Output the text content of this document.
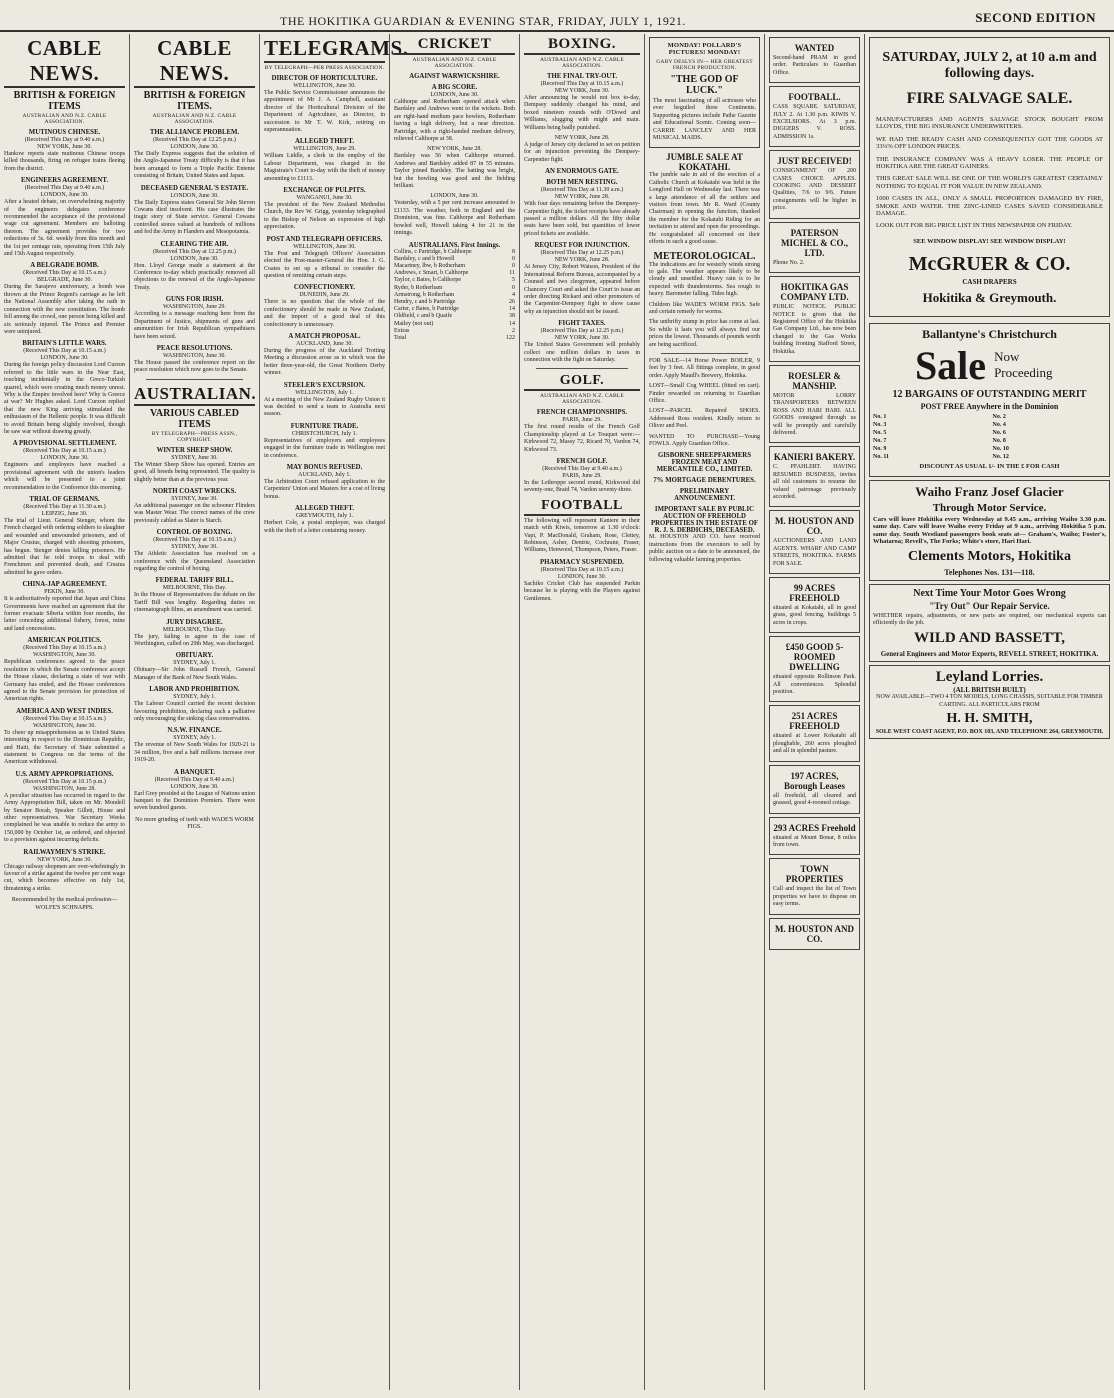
THE HOKITIKA GUARDIAN & EVENING STAR, FRIDAY, JULY 1, 1921.	SECOND EDITION
CABLE NEWS.
BRITISH & FOREIGN ITEMS
AUSTRALIAN AND N.Z. CABLE ASSOCIATION.
MUTINOUS CHINESE.
(Received This Day at 9.40 a.m.)
NEW YORK, June 30.
Hankow reports state mutinous Chinese troops killed thousands, firing on refugee trains fleeing from the district.
ENGINEERS AGREEMENT.
(Received This Day at 9.40 a.m.)
LONDON, June 30.
After a heated debate, on overwhelming majority of the engineers delegates conference recommended the acceptance of the provisional wage cut agreement. Members are balloting thereon. The agreement provides for two reductions of 3s. 6d. weekly from this month and the 1st per centage rate, operating from 15th July and 15th August respectively.
A BELGRADE BOMB.
(Received This Day at 10.15 a.m.)
BELGRADE, June 30.
During the Sarajevo anniversary, a bomb was thrown at the Prince Regent's carriage as he left the National Assembly after taking the oath in connection with the new constitution. The bomb fell among the crowd, one person being killed and six seriously injured. The Prince and Premier were uninjured.
BRITAIN'S LITTLE WARS.
(Received This Day at 10.15 a.m.)
LONDON, June 30.
During the foreign policy discussion Lord Curzon referred to the little wars in the Near East, touching incidentally in the Greco-Turkish quarrel, which were creating much money unrest. Why is the Empire involved here? Why is Greece at war? Mr Hughes asked. Lord Curzon replied that the new King arriving stimulated the enthusiasm of the Hellenic people. It was difficult to avoid Britain being slightly involved, though he saw war without drawing greatly.
A PROVISIONAL SETTLEMENT.
(Received This Day at 10.15 a.m.)
LONDON, June 30.
Engineers and employers have reached a provisional agreement with the union's leaders which will be presented to a joint recommendation to the Conference this morning.
TRIAL OF GERMANS.
(Received This Day at 11.30 a.m.)
LEIPZIG, June 30.
The trial of Lieut. General Stenger, whom the French charged with ordering soldiers to slaughter and wounded and unwounded prisoners, and of Major Crusius, charged with shooting prisoners, has begun. Stenger denies killing prisoners. He admitted that he told troops to deal with Frenchmen and prevented death, and Crusius admitted he gave orders.
CHINA-JAP AGREEMENT.
PEKIN, June 30.
It is authoritatively reported that Japan and China Governments have reached an agreement that the former evacuate Siberia within four months, the latter conceding additional fishery, forest, mine and land concessions.
AMERICAN POLITICS.
(Received This Day at 10.15 a.m.)
WASHINGTON, June 30.
Republican conferences agreed to the peace resolution in which the Senate conference accept the House clause, declaring a state of war with Germany has ended, and the House conferences agreed to the Senate provision for protection of American rights.
AMERICA AND WEST INDIES.
(Received This Day at 10.15 a.m.)
WASHINGTON, June 30.
To cheer up misapprehension as to United States interesting in respect to the Dominican Republic, and Haiti, the Secretary of State submitted a statement to Congress on the terms of the American withdrawal.
U.S. ARMY APPROPRIATIONS.
(Received This Day at 10.15 p.m.)
WASHINGTON, June 28.
A peculiar situation has occurred in regard to the Army Appropriation Bill, taken on Mr. Mondell by Senator Borah, Speaker Gillett, House and other representatives. War Secretary Weeks complained he was unable to reduce the army to 150,000 by October 1st, as ordered, and objected to a provision against incurring deficits.
RAILWAYMEN'S STRIKE.
NEW YORK, June 30.
Chicago railway shopmen are over-whelmingly in favour of a strike against the twelve per cent wage cut, which becomes effective on July 1st, threatening a strike.
Recommended by the medical profession—WOLFE'S SCHNAPPS.
CABLE NEWS.
BRITISH & FOREIGN ITEMS.
AUSTRALIAN AND N.Z. CABLE ASSOCIATION.
THE ALLIANCE PROBLEM.
(Received This Day at 12.25 p.m.)
LONDON, June 30.
The Daily Express suggests that the solution of the Anglo-Japanese Treaty difficulty is that it has been arranged to form a Triple Pacific Entente consisting of Britain, United States and Japan.
DECEASED GENERAL'S ESTATE.
LONDON, June 30.
The Daily Express states General Sir John Steven Cowans died insolvent. His case illustrates the tragic story of State service. General Cowans controlled stores valued at hundreds of millions and fed the Army in Flanders and Mesopotamia.
CLEARING THE AIR.
(Received This Day at 12.25 p.m.)
LONDON, June 30.
Hon. Lloyd George made a statement at the Conference to-day which practically removed all objections to the renewal of the Anglo-Japanese Treaty.
GUNS FOR IRISH.
WASHINGTON, June 29.
According to a message reaching here from the Department of Justice, shipments of guns and ammunition for Irish Republican sympathisers have been seized.
PEACE RESOLUTIONS.
WASHINGTON, June 30.
The House passed the conference report on the peace resolution which now goes to the Senate.
AUSTRALIAN.
VARIOUS CABLED ITEMS
BY TELEGRAPH—PRESS ASSN., COPYRIGHT.
WINTER SHEEP SHOW.
SYDNEY, June 30.
The Winter Sheep Show has opened. Entries are good, all breeds being represented. The quality is slightly better than at the previous year.
NORTH COAST WRECKS.
SYDNEY, June 30.
An additional passenger on the schooner Flinders was Master Wear. The correct names of the crew previously cabled as Slater is Starch.
CONTROL OF BOXING.
(Received This Day at 10.15 a.m.)
SYDNEY, June 30.
The Athletic Association has resolved on a conference with the Queensland Association regarding the control of boxing.
FEDERAL TARIFF BILL.
MELBOURNE, This Day.
In the House of Representatives the debate on the Tariff Bill was lengthy. Regarding duties on cinematograph films, an amendment was carried.
JURY DISAGREE.
MELBOURNE, This Day.
The jury, failing to agree in the case of Worthington, called on 29th May, was discharged.
OBITUARY.
SYDNEY, July 1.
Obituary—Sir John Russell French, General Manager of the Bank of New South Wales.
LABOR AND PROHIBITION.
SYDNEY, July 1.
The Labour Council carried the recent decision favouring prohibition, declaring such a palliative only encouraging the sinking class conservation.
N.S.W. FINANCE.
SYDNEY, July 1.
The revenue of New South Wales for 1920-21 is 34 million, five and a half millions increase over 1919-20.
A BANQUET.
(Received This Day at 9.40 a.m.)
LONDON, June 30.
Earl Grey presided at the League of Nations union banquet to the Dominion Premiers. There were seven hundred guests.
No more grinding of teeth with WADE'S WORM FIGS.
TELEGRAMS.
BY TELEGRAPH—PER PRESS ASSOCIATION.
DIRECTOR OF HORTICULTURE.
WELLINGTON, June 30.
The Public Service Commissioner announces the appointment of Mr J. A. Campbell, assistant director of the Horticultural Division of the Department of Agriculture, as Director, in succession to Mr T. W. Kirk, retiring on superannuation.
ALLEGED THEFT.
WELLINGTON, June 29.
William Liddle, a clerk in the employ of the Labour Department, was charged in the Magistrate's Court to-day with the theft of money amounting to £1113.
EXCHANGE OF PULPITS.
WANGANUI, June 30.
The president of the New Zealand Methodist Church, the Rev W. Grigg, yesterday telegraphed to the Bishop of Nelson an expression of high appreciation.
POST AND TELEGRAPH OFFICERS.
WELLINGTON, June 30.
The Post and Telegraph Officers' Association elected the Post-master-General the Hon. J. G. Coates to set up a tribunal to consider the question of remitting certain steps.
CONFECTIONERY.
DUNEDIN, June 29.
There is no question that the whole of the confectionery should be made in New Zealand, and the import of a good deal of this confectionery is unnecessary.
A MATCH PROPOSAL.
AUCKLAND, June 30.
During the progress of the Auckland Trotting Meeting a discussion arose as to which was the better three-year-old, the Great Northern Derby winner.
STEELER'S EXCURSION.
WELLINGTON, July 1.
At a meeting of the New Zealand Rugby Union it was decided to send a team to Australia next season.
FURNITURE TRADE.
CHRISTCHURCH, July 1.
Representatives of employers and employees engaged in the furniture trade in Wellington met in conference.
MAY BONUS REFUSED.
AUCKLAND, July 1.
The Arbitration Court refused application to the Carpenters' Union and Masters for a cost of living bonus.
ALLEGED THEFT.
GREYMOUTH, July 1.
Herbert Cole, a postal employee, was charged with the theft of a letter containing money.
CRICKET
AUSTRALIAN AND N.Z. CABLE ASSOCIATION.
AGAINST WARWICKSHIRE.
A BIG SCORE.
LONDON, June 30.
Calthorpe and Rotherham opened attack when Bardsley and Andrews went to the wickets. Both are right-hand medium pace bowlers, Rotherham having a high delivery, but a near direction. Partridge, with a right-handed medium delivery, relieved Calthorpe at 38.
NEW YORK, June 28.
Bardsley was 56 when Calthorpe returned. Andrews and Bardsley added 87 in 55 minutes. Taylor joined Bardsley. The batting was bright, but the bowling was good and the fielding brilliant.
LONDON, June 30.
Yesterday, with a 5 per cent increase amounted to £1133. The weather, both in England and the Dominion, was fine. Calthorpe and Rotherham bowled well, Howell taking 4 for 21 in the innings.
AUSTRALIANS. First Innings.
Collins, c Partridge, b Calthorpe	8
Bardsley, c and b Howell	0
Macartney, lbw, b Rotherham	0
Andrews, c Smart, b Calthorpe	11
Taylor, c Bates, b Calthorpe	5
Ryder, b Rotherham	0
Armstrong, b Rotherham	4
Hendry, c and b Partridge	26
Carter, c Bates, b Partridge	14
Oldfield, c and b Quaife	38
Mailey (not out)	14
Extras	2
Total	122
BOXING.
AUSTRALIAN AND N.Z. CABLE ASSOCIATION.
THE FINAL TRY-OUT.
(Received This Day at 10.15 a.m.)
NEW YORK, June 30.
After announcing he would not box to-day, Dempsey suddenly changed his mind, and boxed nineteen rounds with O'Dowd and Williams, slugging with might and main. Williams being badly punished.
NEW YORK, June 28.
A judge of Jersey city declared to set on petition for an injunction preventing the Dempsey-Carpentier fight.
AN ENORMOUS GATE.
BOTH MEN RESTING.
(Received This Day at 11.30 a.m.)
NEW YORK, June 28.
With four days remaining before the Dempsey-Carpentier fight, the ticket receipts have already passed a million dollars. All the fifty dollar seats have been sold, but quantities of lower priced tickets are available.
REQUEST FOR INJUNCTION.
(Received This Day at 12.25 p.m.)
NEW YORK, June 28.
At Jersey City, Robert Watson, President of the International Reform Bureau, accompanied by a Counsel and two clergymen, appeared before Chancery Court and asked the Court to issue an order directing Rickard and other promoters of the Carpentier-Dempsey fight to show cause why an injunction should not be issued.
FIGHT TAXES.
(Received This Day at 12.25 p.m.)
NEW YORK, June 30.
The United States Government will probably collect one million dollars in taxes in connection with the fight on Saturday.
GOLF.
AUSTRALIAN AND N.Z. CABLE ASSOCIATION.
FRENCH CHAMPIONSHIPS.
PARIS, June 29.
The first round results of the French Golf Championship played at Le Touquet were:—Kirkwood 72, Massy 72, Ricard 70, Vardon 74, Kirkwood 73.
FRENCH GOLF.
(Received This Day at 9.40 a.m.)
PARIS, June 29.
In the Lethroppe second round, Kirkwood did seventy-one, Braid 74, Vardon seventy-three.
FOOTBALL
The following will represent Kaniere in their match with Kiwis, tomorrow at 1.30 o'clock: Vapi, P. MacDonald, Graham, Rose, Clettey, Robinson, Asher, Dentrie, Cochrane, Fraser, Williams, Henwood, Thompson, Peters, Fraser.
PHARMACY SUSPENDED.
(Received This Day at 10.15 a.m.)
LONDON, June 30.
Sachiko Cricket Club has suspended Parkin because he is playing with the Players against Gentlemen.
MONDAY! POLLARD'S PICTURES! MONDAY!
GABY DESLYS IN— HER GREATEST FRENCH PRODUCTION.
"THE GOD OF LUCK."
The most fascinating of all actresses who ever beguiled three Continents. Supporting pictures include Pathe Gazette and Educational Scenic. Coming soon—CARRIE LANCLEY AND HER MUSICAL MAIDS.
JUMBLE SALE AT KOKATAHI.
The jumble sale in aid of the erection of a Catholic Church at Kokatahi was held in the Longford Hall on Wednesday last. There was a large attendance of all the settlers and visitors from town. Mr R. Ward (County Chairman) in opening the function, thanked the member for the Kokatahi Riding for an invitation to attend and open the proceedings. He congratulated all concerned on their efforts in such a good cause.
METEOROLOGICAL.
The indications are for westerly winds strong to gale. The weather appears likely to be cloudy and unsettled. Heavy rain is to be expected with thunderstorms. Sea rough to heavy. Barometer falling. Tides high.
Children like WADE'S WORM FIGS. Safe and certain remedy for worms.
The unthrifty stump in price has come at last. So while it lasts you will always find our prices the lowest. Thousands of pounds worth are being sacrificed.
FOR SALE—14 Horse Power BOILER, 9 feet by 3 feet. All fittings complete, in good order. Apply Maudl's Brewery, Hokitika.
LOST—Small Cog WHEEL (fitted on cart). Finder rewarded on returning to Guardian Office.
LOST—PARCEL Repaired SHOES. Addressed Ross resident. Kindly return to Oliver and Peel.
WANTED TO PURCHASE—Young FOWLS. Apply Guardian Office.
GISBORNE SHEEPFARMERS FROZEN MEAT AND MERCANTILE CO., LIMITED.
7% MORTGAGE DEBENTURES.
PRELIMINARY ANNOUNCEMENT.
IMPORTANT SALE BY PUBLIC AUCTION OF FREEHOLD PROPERTIES IN THE ESTATE OF R. J. S. DEBDICHS, DECEASED.
M. HOUSTON AND CO. have received instructions from the executors to sell by public auction on a date to be announced, the following valuable farming properties.
WANTED
Second-hand PRAM in good order. Particulars to Guardian Office.
FOOTBALL.
CASS SQUARE. SATURDAY, JULY 2. At 1.30 p.m. KIWIS V. EXCELSIORS. At 3 p.m. DIGGERS V. ROSS. ADMISSION 1s.
JUST RECEIVED!
CONSIGNMENT OF 200 CASES CHOICE APPLES. COOKING AND DESSERT Qualities, 7/6 to 9/6. Future consignments will be higher in price.
PATERSON MICHEL & CO., LTD.
Phone No. 2.
HOKITIKA GAS COMPANY LTD.
PUBLIC NOTICE. PUBLIC NOTICE is given that the Registered Office of the Hokitika Gas Company Ltd., has now been changed to the Gas Works building fronting Stafford Street, Hokitika.
ROESLER & MANSHIP.
MOTOR LORRY TRANSPORTERS BETWEEN ROSS AND HARI HARI. ALL GOODS consigned through us will be promptly and carefully delivered.
KANIERI BAKERY.
C. PFAHLERT. HAVING RESUMED BUSINESS, invites all old customers to resume the valued patronage previously accorded.
M. HOUSTON AND CO.
AUCTIONEERS AND LAND AGENTS. WHARF AND CAMP STREETS, HOKITIKA. FARMS FOR SALE.
99 ACRES FREEHOLD
situated at Kokatahi, all in good grass, good fencing, buildings 5 acres in crops.
£450 GOOD 5-ROOMED DWELLING
situated opposite Rollinson Park. All conveniences. Splendid position.
251 ACRES FREEHOLD
situated at Lower Kokatahi all ploughable, 260 acres ploughed and all in splendid pasture.
197 ACRES, Borough Leases
all freehold, all cleared and grassed, good 4-roomed cottage.
293 ACRES Freehold
situated at Mount Bonar, 8 miles from town.
TOWN PROPERTIES
Call and inspect the list of Town properties we have to dispose on easy terms.
M. HOUSTON AND CO.
SATURDAY, JULY 2, at 10 a.m and following days.
FIRE SALVAGE SALE.
MANUFACTURERS AND AGENTS SALVAGE STOCK BOUGHT FROM LLOYDS, THE BIG INSURANCE UNDERWRITERS.
WE HAD THE READY CASH AND CONSEQUENTLY GOT THE GOODS AT 33⅓% OFF LONDON PRICES.
THE INSURANCE COMPANY WAS A HEAVY LOSER. THE PEOPLE OF HOKITIKA ARE THE GREAT GAINERS.
THIS GREAT SALE WILL BE ONE OF THE WORLD'S GREATEST CERTAINLY NOTHING TO EQUAL IT FOR VALUE IN NEW ZEALAND.
1000 CASES IN ALL, ONLY A SMALL PROPORTION DAMAGED BY FIRE, SMOKE AND WATER. THE ZINC-LINED CASES SAVED CONSIDERABLE DAMAGE.
LOOK OUT FOR BIG PRICE LIST IN THIS NEWSPAPER ON FRIDAY.
SEE WINDOW DISPLAY! SEE WINDOW DISPLAY!
McGRUER & CO.
CASH DRAPERS
Hokitika & Greymouth.
Ballantyne's Christchurch
Sale Now Proceeding
12 BARGAINS OF OUTSTANDING MERIT
POST FREE Anywhere in the Dominion
No. 1	No. 2
No. 3	No. 4
No. 5	No. 6
No. 7	No. 8
No. 9	No. 10
No. 11	No. 12
DISCOUNT AS USUAL 1/- IN THE £ FOR CASH
Waiho Franz Josef Glacier
Through Motor Service.
Cars will leave Hokitika every Wednesday at 9.45 a.m., arriving Waiho 3.30 p.m. same day. Cars will leave Waiho every Friday at 9 a.m., arriving Hokitika 5 p.m. same day. South Westland passengers book seats at— Graham's, Waiho; Foster's, Whataroa; Revell's, The Forks; White's store, Hari Hari.
Clements Motors, Hokitika
Telephones Nos. 131—118.
Next Time Your Motor Goes Wrong
"Try Out" Our Repair Service.
WHETHER repairs, adjustments, or new parts are required, our mechanical experts can efficiently do the job.
WILD AND BASSETT,
General Engineers and Motor Experts, REVELL STREET, HOKITIKA.
Leyland Lorries.
(ALL BRITISH BUILT)
NOW AVAILABLE—TWO 4 TON MODELS, LONG CHASSIS, SUITABLE FOR TIMBER CARTING. ALL PARTICULARS FROM
H. H. SMITH,
SOLE WEST COAST AGENT, P.O. BOX 103, AND TELEPHONE 264, GREYMOUTH.
